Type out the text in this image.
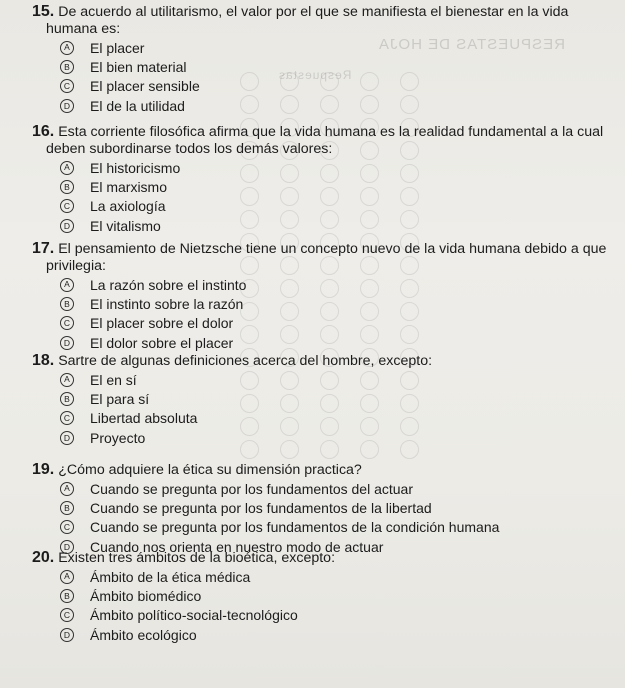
RESPUESTAS DE HOJA
Respuestas
15. De acuerdo al utilitarismo, el valor por el que se manifiesta el bienestar en la vida
humana es:
A El placer
B El bien material
C El placer sensible
D El de la utilidad
16. Esta corriente filosófica afirma que la vida humana es la realidad fundamental a la cual
deben subordinarse todos los demás valores:
A El historicismo
B El marxismo
C La axiología
D El vitalismo
17. El pensamiento de Nietzsche tiene un concepto nuevo de la vida humana debido a que
privilegia:
A La razón sobre el instinto
B El instinto sobre la razón
C El placer sobre el dolor
D El dolor sobre el placer
18. Sartre de algunas definiciones acerca del hombre, excepto:
A El en sí
B El para sí
C Libertad absoluta
D Proyecto
19. ¿Cómo adquiere la ética su dimensión practica?
A Cuando se pregunta por los fundamentos del actuar
B Cuando se pregunta por los fundamentos de la libertad
C Cuando se pregunta por los fundamentos de la condición humana
D Cuando nos orienta en nuestro modo de actuar
20. Existen tres ámbitos de la bioética, excepto:
A Ámbito de la ética médica
B Ámbito biomédico
C Ámbito político-social-tecnológico
D Ámbito ecológico
